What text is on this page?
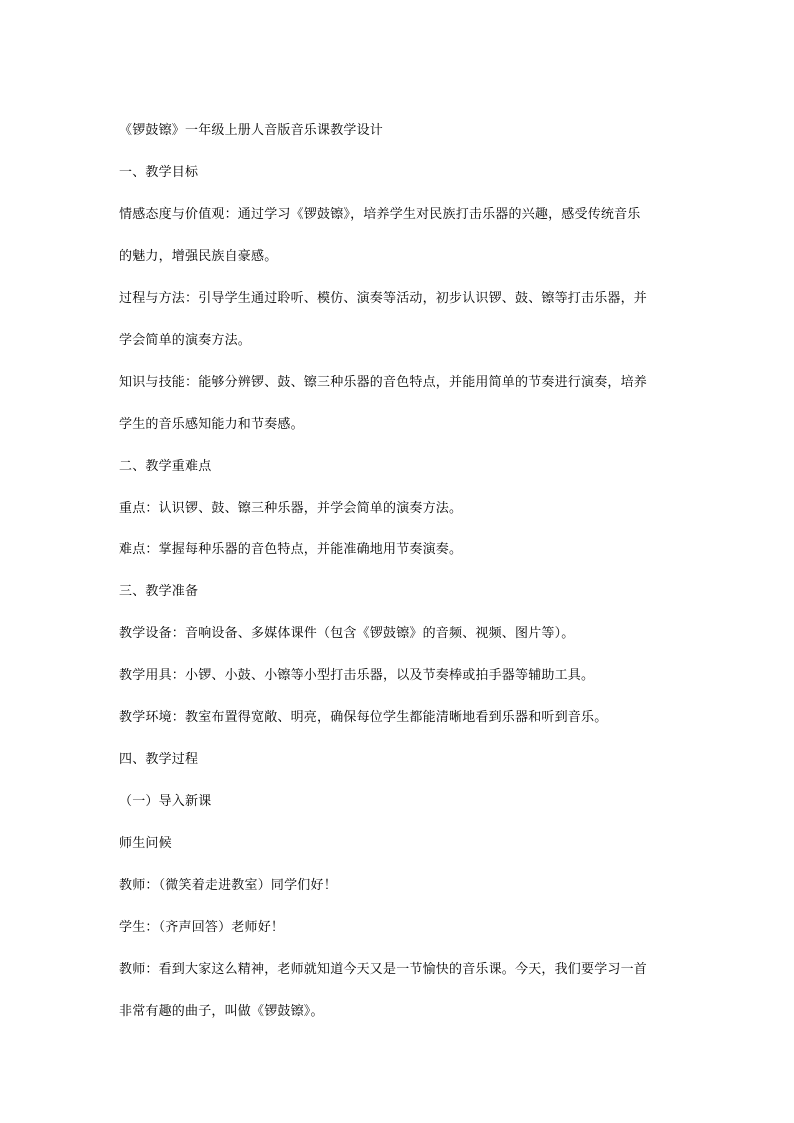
《锣鼓镲》一年级上册人音版音乐课教学设计
一、教学目标
情感态度与价值观：通过学习《锣鼓镲》，培养学生对民族打击乐器的兴趣，感受传统音乐
的魅力，增强民族自豪感。
过程与方法：引导学生通过聆听、模仿、演奏等活动，初步认识锣、鼓、镲等打击乐器，并
学会简单的演奏方法。
知识与技能：能够分辨锣、鼓、镲三种乐器的音色特点，并能用简单的节奏进行演奏，培养
学生的音乐感知能力和节奏感。
二、教学重难点
重点：认识锣、鼓、镲三种乐器，并学会简单的演奏方法。
难点：掌握每种乐器的音色特点，并能准确地用节奏演奏。
三、教学准备
教学设备：音响设备、多媒体课件（包含《锣鼓镲》的音频、视频、图片等）。
教学用具：小锣、小鼓、小镲等小型打击乐器，以及节奏棒或拍手器等辅助工具。
教学环境：教室布置得宽敞、明亮，确保每位学生都能清晰地看到乐器和听到音乐。
四、教学过程
（一）导入新课
师生问候
教师：（微笑着走进教室）同学们好！
学生：（齐声回答）老师好！
教师：看到大家这么精神，老师就知道今天又是一节愉快的音乐课。今天，我们要学习一首
非常有趣的曲子，叫做《锣鼓镲》。
